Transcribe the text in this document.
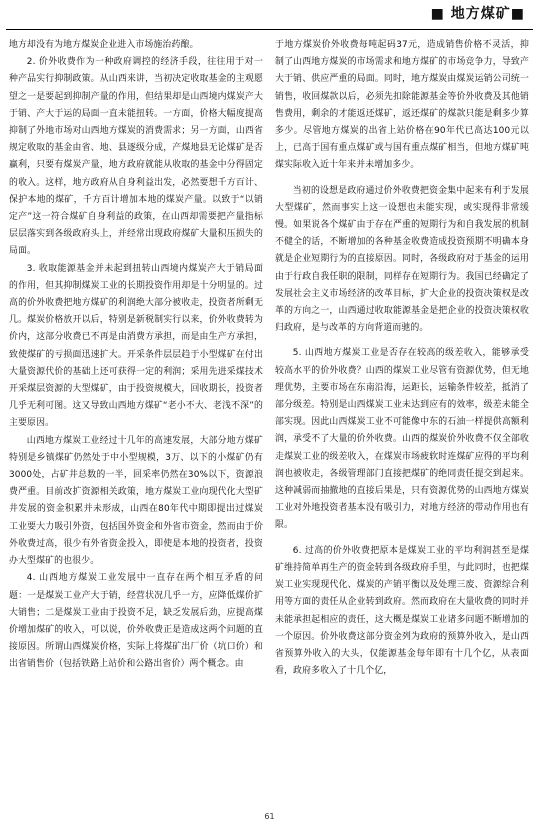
■ 地方煤矿■

地方却没有为地方煤炭企业进入市场施治药酿。

2. 价外收费作为一种政府调控的经济手段，往往用于对一种产品实行抑制政策。从山西来讲，当初决定收取基金的主观愿望之一是要起到抑制产量的作用，但结果却是山西境内煤炭产大于销、产大于运的局面一直未能扭转。一方面，价格大幅度提高抑制了外地市场对山西地方煤炭的消费需求；另一方面，山西省规定收取的基金由省、地、县逐级分成，产煤地县无论煤矿是否赢利，只要有煤炭产量，地方政府就能从收取的基金中分得固定的收入。这样，地方政府从自身利益出发，必然要想千方百计、保护本地的煤矿，千方百计增加本地的煤炭产量。以致于“以销定产”这一符合煤矿自身利益的政策，在山西却需要把产量指标层层落实到各级政府头上，并经常出现政府煤矿大量积压损失的局面。

3. 收取能源基金并未起到扭转山西境内煤炭产大于销局面的作用，但其抑制煤炭工业的长期投资作用却是十分明显的。过高的价外收费把地方煤矿的利润绝大部分被收走，投资者所剩无几。煤炭价格放开以后，特别是新税制实行以来，价外收费转为价内，这部分收费已不再是由消费方承担，而是由生产方承担，致使煤矿的亏损面迅速扩大。开采条件层层趋于小型煤矿在付出大量资源代价的基础上还可获得一定的利润；采用先进采煤技术开采煤层资源的大型煤矿，由于投资规模大，回收期长，投资者几乎无利可图。这又导致山西地方煤矿“老小不大、老浅不深”的主要原因。

山西地方煤炭工业经过十几年的高速发展，大部分地方煤矿特别是乡镇煤矿仍然处于中小型规模，3万、以下的小煤矿仍有3000处，占矿井总数的一半，回采率仍然在30%以下，资源浪费严重。目前改扩资源相关政策，地方煤炭工业向现代化大型矿井发展的资金积累并未形成，山西在80年代中期即提出过煤炭工业要大力吸引外资，包括国外资金和外省市资金，然而由于价外收费过高，很少有外省资金投入，即使是本地的投资者，投资办大型煤矿的也很少。

4. 山西地方煤炭工业发展中一直存在两个相互矛盾的问题：一是煤炭工业产大于销，经营状况几乎一方，应降低煤价扩大销售；二是煤炭工业由于投资不足，缺乏发展后劲，应提高煤价增加煤矿的收入，可以说，价外收费正是造成这两个问题的直接原因。所谓山西煤炭价格，实际上将煤矿出厂价（坑口价）和出省销售价（包括铁路上站价和公路出省价）两个概念。由

于地方煤炭价外收费每吨起码37元，造成销售价格不灵活，抑制了山西地方煤炭的市场需求和地方煤矿的市场竞争力，导致产大于销、供应严重的局面。同时，地方煤炭由煤炭运销公司统一销售，收回煤款以后，必须先扣除能源基金等价外收费及其他销售费用，剩余的才能返还煤矿，返还煤矿的煤款只能是剩多少算多少。尽管地方煤炭的出省上站价格在90年代已高达100元以上，已高于国有重点煤矿或与国有重点煤矿相当，但地方煤矿吨煤实际收入近十年来并未增加多少。

当初的设想是政府通过价外收费把资金集中起来有利于发展大型煤矿，然而事实上这一设想也未能实现，或实现得非常缓慢。如果说各个煤矿由于存在严重的短期行为和自我发展的机制不健全的话，不断增加的各种基金收费造成投资预期不明确本身就是企业短期行为的直接原因。同时，各级政府对于基金的运用由于行政自我任职的限制，同样存在短期行为。我国已经确定了发展社会主义市场经济的改革目标，扩大企业的投资决策权是改革的方向之一，山西通过收取能源基金是把企业的投资决策权收归政府，是与改革的方向背道而驰的。

5. 山西地方煤炭工业是否存在较高的级差收入，能够承受较高水平的价外收费？山西的煤炭工业尽管有资源优势，但无地理优势，主要市场在东南沿海，运距长，运输条件较差，抵消了部分级差。特别是山西煤炭工业未达到应有的效率，级差未能全部实现。因此山西煤炭工业不可能像中东的石油一样提供高额利润，承受不了大量的价外收费。山西的煤炭价外收费不仅全部收走煤炭工业的级差收入，在煤炭市场疲软时连煤矿应得的平均利润也被收走，各级管理部门直接把煤矿的绝同责任提交到起来。这种减弱而抽撤地的直接后果是，只有资源优势的山西地方煤炭工业对外地投资者基本没有吸引力，对地方经济的带动作用也有限。

6. 过高的价外收费把原本是煤炭工业的平均利润甚至是煤矿维持简单再生产的资金转到各级政府手里，与此同时，也把煤炭工业实现现代化、煤炭的产销平衡以及处理三废、资源综合利用等方面的责任从企业转到政府。然而政府在大量收费的同时并未能承担起相应的责任，这大概是煤炭工业诸多问题不断增加的一个原因。价外收费这部分资金列为政府的预算外收入，是山西省预算外收入的大头，仅能源基金每年即有十几个亿，从表面看，政府多收入了十几个亿，

61
